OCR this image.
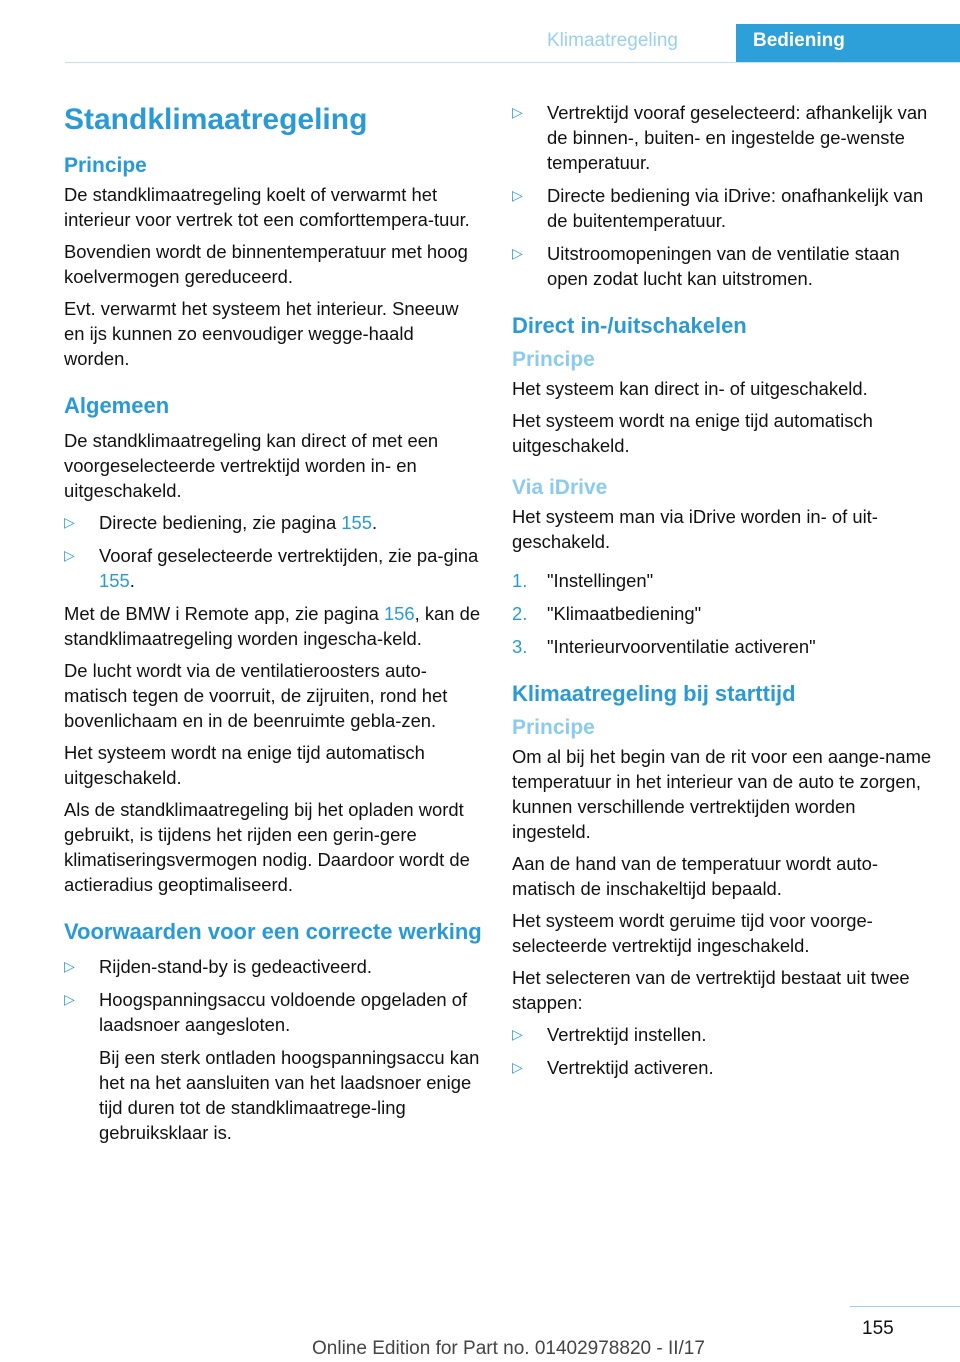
Klimaatregeling	Bediening
Standklimaatregeling
Principe

De standklimaatregeling koelt of verwarmt het interieur voor vertrek tot een comforttempera-tuur.

Bovendien wordt de binnentemperatuur met hoog koelvermogen gereduceerd.

Evt. verwarmt het systeem het interieur. Sneeuw en ijs kunnen zo eenvoudiger wegge-haald worden.

Algemeen

De standklimaatregeling kan direct of met een voorgeselecteerde vertrektijd worden in- en uitgeschakeld.

▷ Directe bediening, zie pagina 155.
▷ Vooraf geselecteerde vertrektijden, zie pa-gina 155.

Met de BMW i Remote app, zie pagina 156, kan de standklimaatregeling worden ingescha-keld.

De lucht wordt via de ventilatieroosters auto-matisch tegen de voorruit, de zijruiten, rond het bovenlichaam en in de beenruimte gebla-zen.

Het systeem wordt na enige tijd automatisch uitgeschakeld.

Als de standklimaatregeling bij het opladen wordt gebruikt, is tijdens het rijden een gerin-gere klimatiseringsvermogen nodig. Daardoor wordt de actieradius geoptimaliseerd.

Voorwaarden voor een correcte werking
▷ Rijden-stand-by is gedeactiveerd.
▷ Hoogspanningsaccu voldoende opgeladen of laadsnoer aangesloten.
Bij een sterk ontladen hoogspanningsaccu kan het na het aansluiten van het laadsnoer enige tijd duren tot de standklimaatrege-ling gebruiksklaar is.
▷ Vertrektijd vooraf geselecteerd: afhankelijk van de binnen-, buiten- en ingestelde ge-wenste temperatuur.
▷ Directe bediening via iDrive: onafhankelijk van de buitentemperatuur.
▷ Uitstroomopeningen van de ventilatie staan open zodat lucht kan uitstromen.
Direct in-/uitschakelen
Principe

Het systeem kan direct in- of uitgeschakeld.

Het systeem wordt na enige tijd automatisch uitgeschakeld.

Via iDrive

Het systeem man via iDrive worden in- of uit-geschakeld.

1. "Instellingen"
2. "Klimaatbediening"
3. "Interieurvoorventilatie activeren"
Klimaatregeling bij starttijd
Principe

Om al bij het begin van de rit voor een aange-name temperatuur in het interieur van de auto te zorgen, kunnen verschillende vertrektijden worden ingesteld.

Aan de hand van de temperatuur wordt auto-matisch de inschakeltijd bepaald.

Het systeem wordt geruime tijd voor voorge-selecteerde vertrektijd ingeschakeld.

Het selecteren van de vertrektijd bestaat uit twee stappen:

▷ Vertrektijd instellen.
▷ Vertrektijd activeren.
155
Online Edition for Part no. 01402978820 - II/17
